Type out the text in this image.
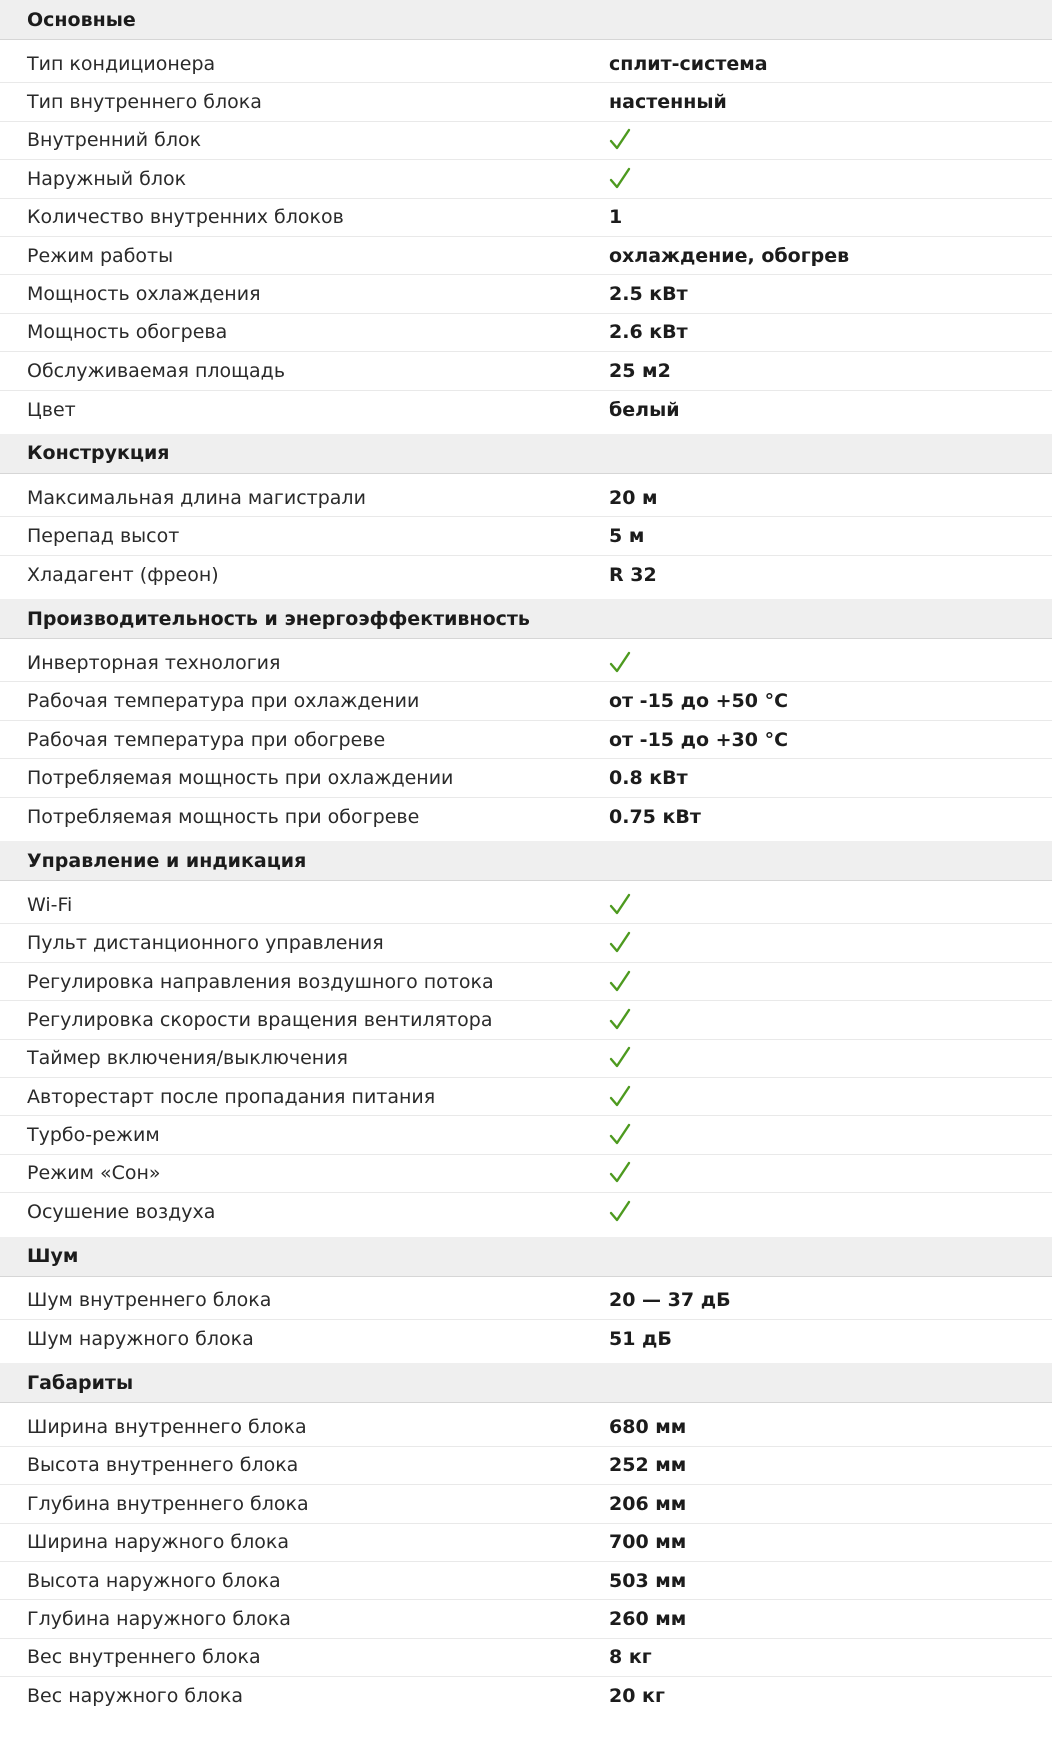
Основные
Тип кондиционера	сплит-система
Тип внутреннего блока	настенный
Внутренний блок
Наружный блок
Количество внутренних блоков	1
Режим работы	охлаждение, обогрев
Мощность охлаждения	2.5 кВт
Мощность обогрева	2.6 кВт
Обслуживаемая площадь	25 м2
Цвет	белый
Конструкция
Максимальная длина магистрали	20 м
Перепад высот	5 м
Хладагент (фреон)	R 32
Производительность и энергоэффективность
Инверторная технология
Рабочая температура при охлаждении	от -15 до +50 °C
Рабочая температура при обогреве	от -15 до +30 °C
Потребляемая мощность при охлаждении	0.8 кВт
Потребляемая мощность при обогреве	0.75 кВт
Управление и индикация
Wi-Fi
Пульт дистанционного управления
Регулировка направления воздушного потока
Регулировка скорости вращения вентилятора
Таймер включения/выключения
Авторестарт после пропадания питания
Турбо-режим
Режим «Сон»
Осушение воздуха
Шум
Шум внутреннего блока	20 — 37 дБ
Шум наружного блока	51 дБ
Габариты
Ширина внутреннего блока	680 мм
Высота внутреннего блока	252 мм
Глубина внутреннего блока	206 мм
Ширина наружного блока	700 мм
Высота наружного блока	503 мм
Глубина наружного блока	260 мм
Вес внутреннего блока	8 кг
Вес наружного блока	20 кг
